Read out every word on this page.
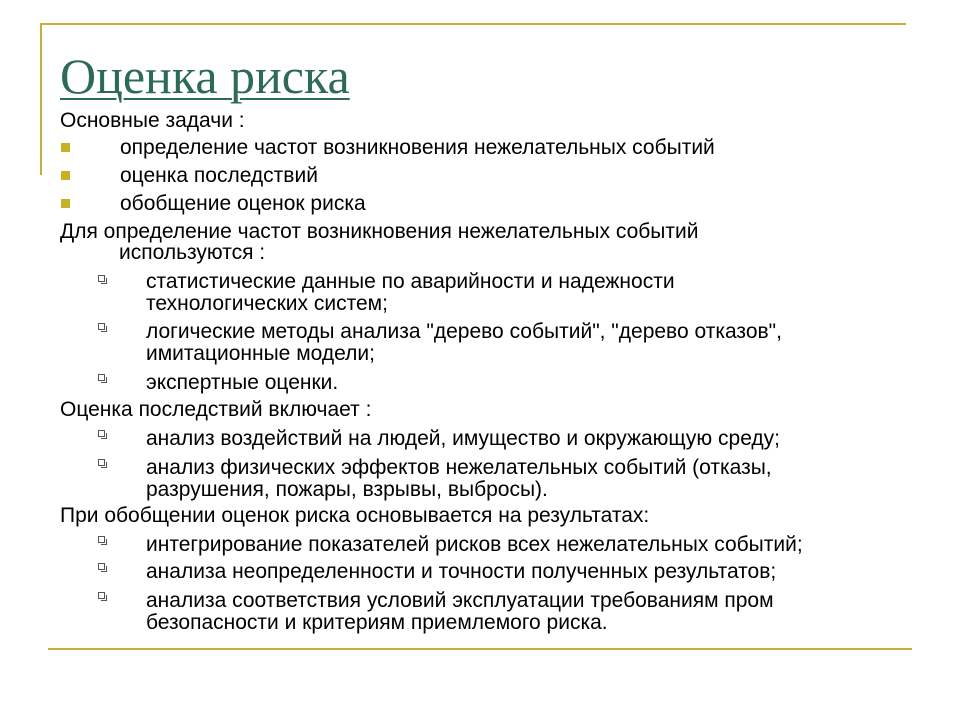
Оценка риска
Основные задачи :
определение частот возникновения нежелательных событий
оценка последствий
обобщение оценок риска
Для определение частот возникновения нежелательных событий
используются :
статистические данные по аварийности и надежности
технологических систем;
логические методы анализа "дерево событий", "дерево отказов",
имитационные модели;
экспертные оценки.
Оценка последствий включает :
анализ воздействий на людей, имущество и окружающую среду;
анализ физических эффектов нежелательных событий (отказы,
разрушения, пожары, взрывы, выбросы).
При обобщении оценок риска основывается на результатах:
интегрирование показателей рисков всех нежелательных событий;
анализа неопределенности и точности полученных результатов;
анализа соответствия условий эксплуатации требованиям пром
безопасности и критериям приемлемого риска.
